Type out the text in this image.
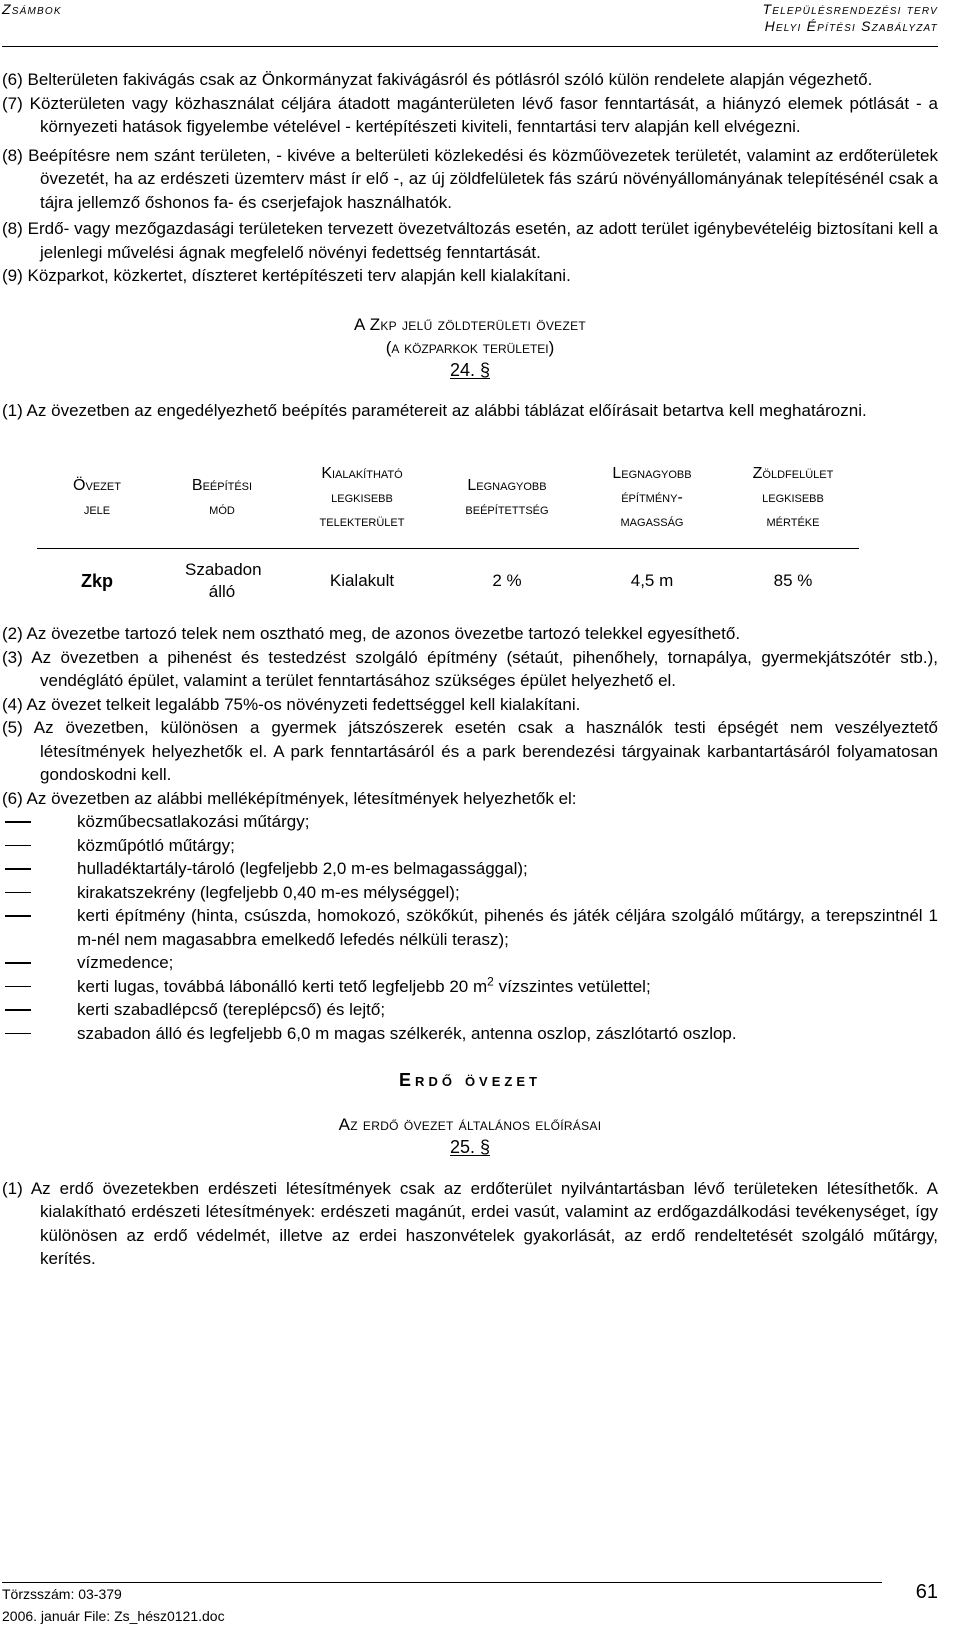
Zsámbok	Településrendezési terv
Helyi Építési Szabályzat

(6) Belterületen fakivágás csak az Önkormányzat fakivágásról és pótlásról szóló külön rendelete alapján végezhető.

(7) Közterületen vagy közhasználat céljára átadott magánterületen lévő fasor fenntartását, a hiányzó elemek pótlását - a környezeti hatások figyelembe vételével - kertépítészeti kiviteli, fenntartási terv alapján kell elvégezni.

(8) Beépítésre nem szánt területen, - kivéve a belterületi közlekedési és közműövezetek területét, valamint az erdőterületek övezetét, ha az erdészeti üzemterv mást ír elő -, az új zöldfelületek fás szárú növényállományának telepítésénél csak a tájra jellemző őshonos fa- és cserjefajok használhatók.

(8) Erdő- vagy mezőgazdasági területeken tervezett övezetváltozás esetén, az adott terület igénybevételéig biztosítani kell a jelenlegi művelési ágnak megfelelő növényi fedettség fenntartását.

(9) Közparkot, közkertet, díszteret kertépítészeti terv alapján kell kialakítani.

A Zkp jelű zöldterületi övezet
(a közparkok területei)
24. §

(1) Az övezetben az engedélyezhető beépítés paramétereit az alábbi táblázat előírásait betartva kell meghatározni.

Övezet jele	Beépítési mód	Kialakítható legkisebb telekterület	Legnagyobb beépítettség	Legnagyobb építmény-magasság	Zöldfelület legkisebb mértéke
Zkp	Szabadon álló	Kialakult	2 %	4,5 m	85 %

(2) Az övezetbe tartozó telek nem osztható meg, de azonos övezetbe tartozó telekkel egyesíthető.

(3) Az övezetben a pihenést és testedzést szolgáló építmény (sétaút, pihenőhely, tornapálya, gyermekjátszótér stb.), vendéglátó épület, valamint a terület fenntartásához szükséges épület helyezhető el.

(4) Az övezet telkeit legalább 75%-os növényzeti fedettséggel kell kialakítani.

(5) Az övezetben, különösen a gyermek játszószerek esetén csak a használók testi épségét nem veszélyeztető létesítmények helyezhetők el. A park fenntartásáról és a park berendezési tárgyainak karbantartásáról folyamatosan gondoskodni kell.

(6) Az övezetben az alábbi melléképítmények, létesítmények helyezhetők el:

közműbecsatlakozási műtárgy;

közműpótló műtárgy;

hulladéktartály-tároló (legfeljebb 2,0 m-es belmagassággal);

kirakatszekrény (legfeljebb 0,40 m-es mélységgel);

kerti építmény (hinta, csúszda, homokozó, szökőkút, pihenés és játék céljára szolgáló műtárgy, a terepszintnél 1 m-nél nem magasabbra emelkedő lefedés nélküli terasz);

vízmedence;

kerti lugas, továbbá lábonálló kerti tető legfeljebb 20 $m^2$ vízszintes vetülettel;

kerti szabadlépcső (tereplépcső) és lejtő;

szabadon álló és legfeljebb 6,0 m magas szélkerék, antenna oszlop, zászlótartó oszlop.

Erdő övezet
Az erdő övezet általános előírásai
25. §

(1) Az erdő övezetekben erdészeti létesítmények csak az erdőterület nyilvántartásban lévő területeken létesíthetők. A kialakítható erdészeti létesítmények: erdészeti magánút, erdei vasút, valamint az erdőgazdálkodási tevékenységet, így különösen az erdő védelmét, illetve az erdei haszonvételek gyakorlását, az erdő rendeltetését szolgáló műtárgy, kerítés.

Törzsszám: 03-379
2006. január File: Zs_hész0121.doc
61
